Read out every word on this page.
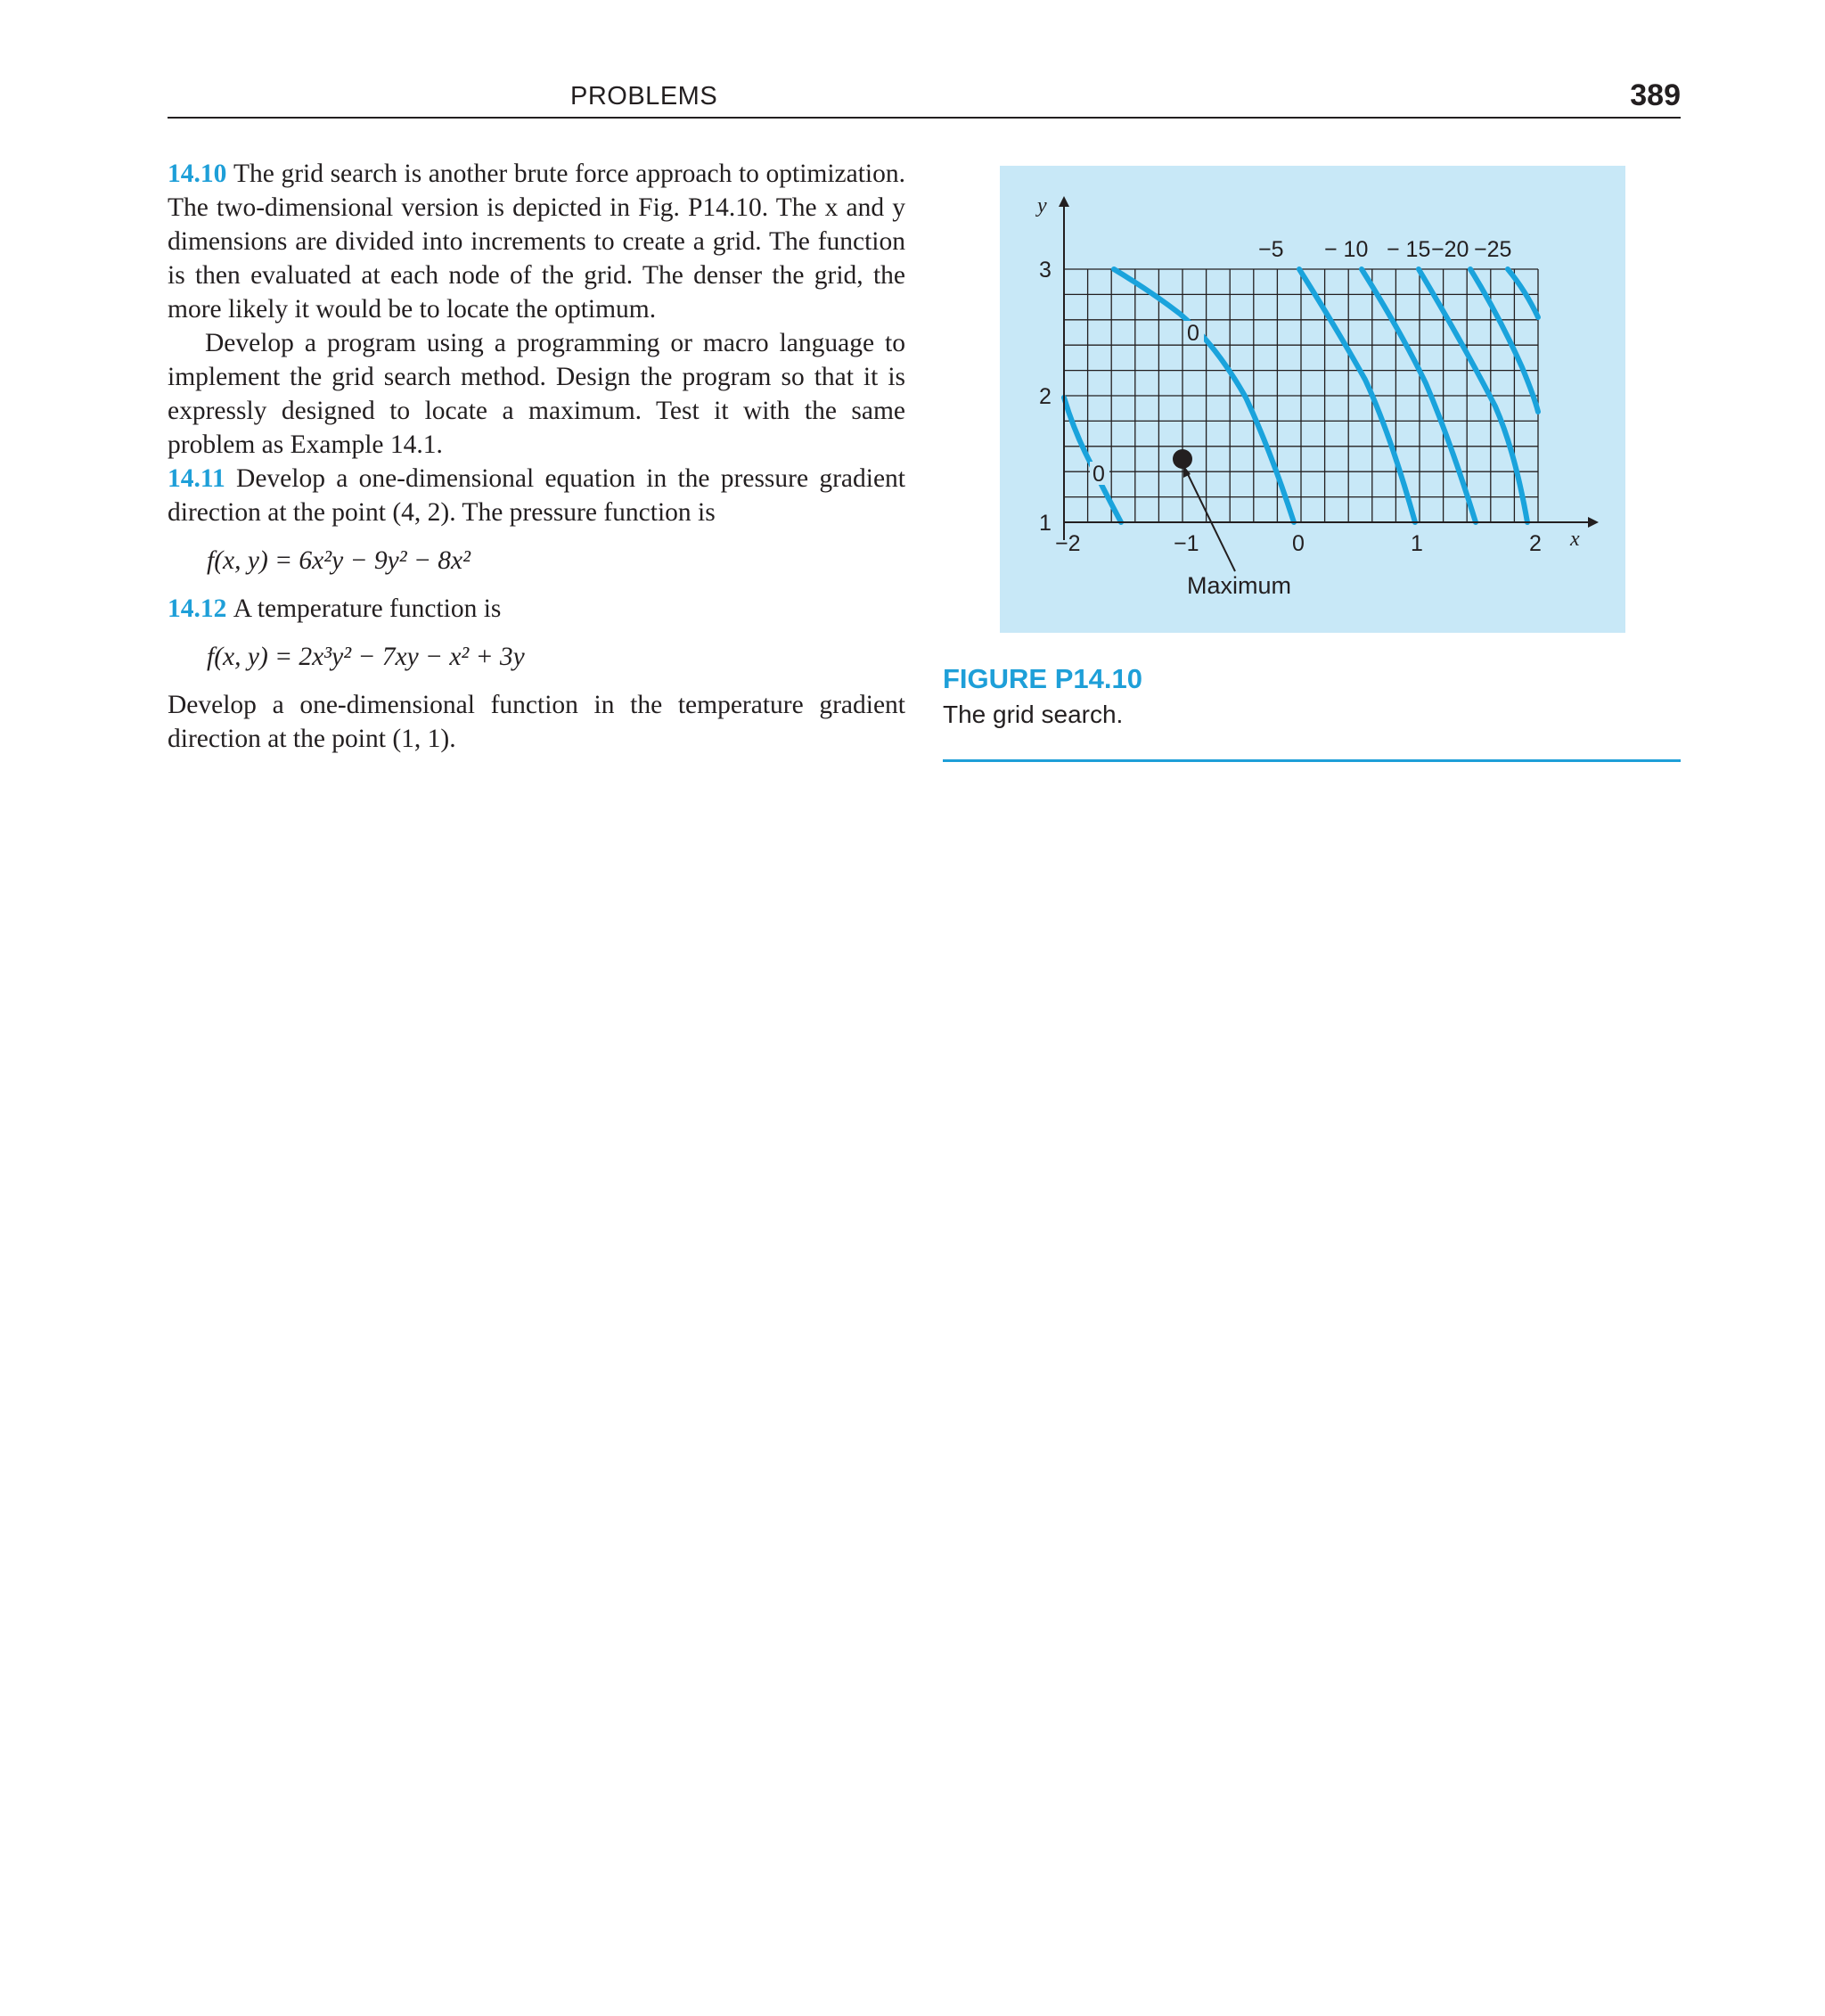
PROBLEMS	389

14.10 The grid search is another brute force approach to optimization. The two-dimensional version is depicted in Fig. P14.10. The x and y dimensions are divided into increments to create a grid. The function is then evaluated at each node of the grid. The denser the grid, the more likely it would be to locate the optimum.

Develop a program using a programming or macro language to implement the grid search method. Design the program so that it is expressly designed to locate a maximum. Test it with the same problem as Example 14.1.

14.11 Develop a one-dimensional equation in the pressure gradient direction at the point (4, 2). The pressure function is

f(x, y) = 6x²y − 9y² − 8x²

14.12 A temperature function is

f(x, y) = 2x³y² − 7xy − x² + 3y

Develop a one-dimensional function in the temperature gradient direction at the point (1, 1).

y
x
−2	−1	0	1	2
1
2
3
0
0
−5 − 10 − 15 −20 −25
Maximum
FIGURE P14.10
The grid search.
